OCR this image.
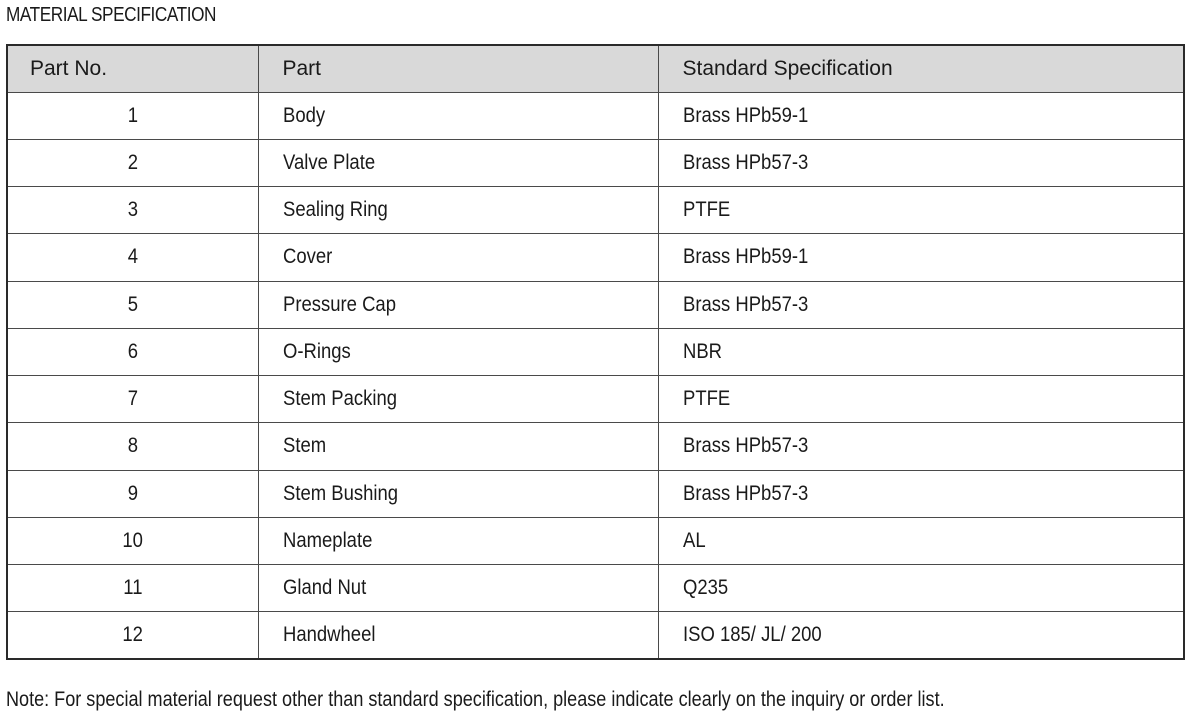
MATERIAL SPECIFICATION
Part No.	Part	Standard Specification
1	Body	Brass HPb59-1
2	Valve Plate	Brass HPb57-3
3	Sealing Ring	PTFE
4	Cover	Brass HPb59-1
5	Pressure Cap	Brass HPb57-3
6	O-Rings	NBR
7	Stem Packing	PTFE
8	Stem	Brass HPb57-3
9	Stem Bushing	Brass HPb57-3
10	Nameplate	AL
11	Gland Nut	Q235
12	Handwheel	ISO 185/ JL/ 200
Note: For special material request other than standard specification, please indicate clearly on the inquiry or order list.
